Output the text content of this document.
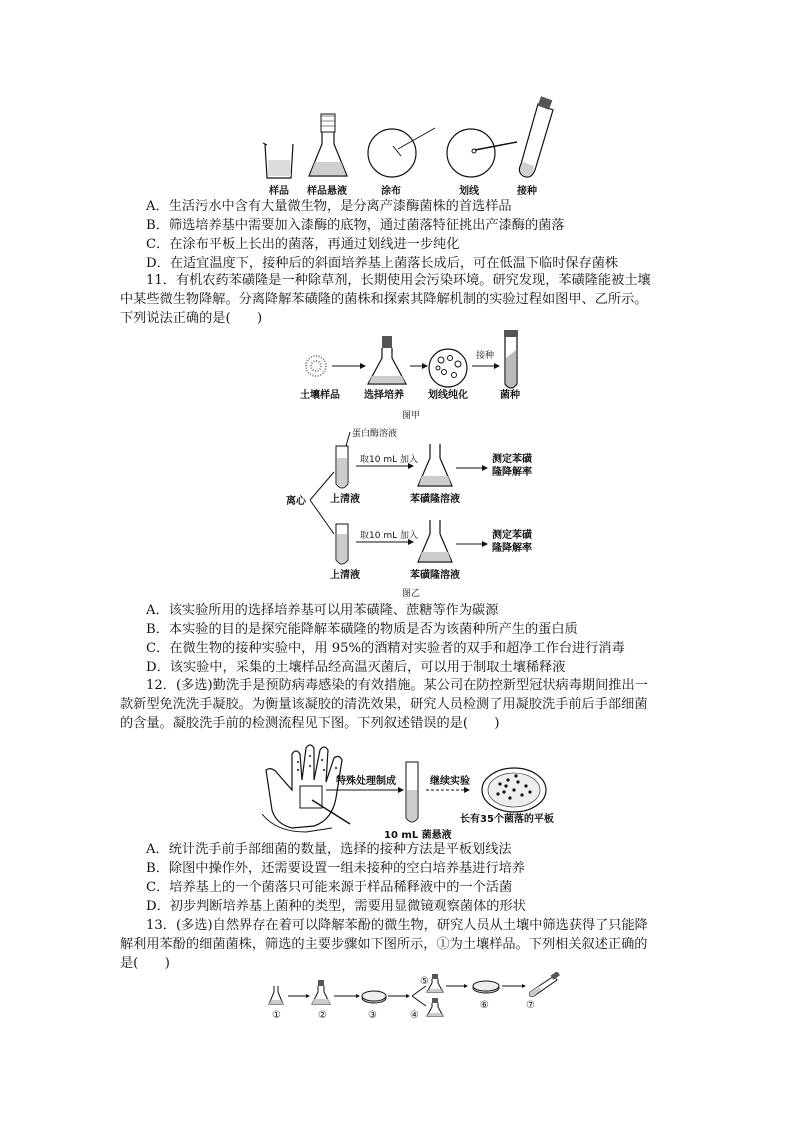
样品 样品悬液	涂布	划线	接种
A．生活污水中含有大量微生物，是分离产漆酶菌株的首选样品
B．筛选培养基中需要加入漆酶的底物，通过菌落特征挑出产漆酶的菌落
C．在涂布平板上长出的菌落，再通过划线进一步纯化
D．在适宜温度下，接种后的斜面培养基上菌落长成后，可在低温下临时保存菌株
11．有机农药苯磺隆是一种除草剂，长期使用会污染环境。研究发现，苯磺隆能被土壤
中某些微生物降解。分离降解苯磺隆的菌株和探索其降解机制的实验过程如图甲、乙所示。
下列说法正确的是(　　)
接种
土壤样品 选择培养 划线纯化	菌种
图甲
离心
蛋白酶溶液
取10 mL 加入	测定苯磺
隆降解率
上清液	苯磺隆溶液
取10 mL 加入	测定苯磺
隆降解率
上清液	苯磺隆溶液
图乙
A．该实验所用的选择培养基可以用苯磺隆、蔗糖等作为碳源
B．本实验的目的是探究能降解苯磺隆的物质是否为该菌种所产生的蛋白质
C．在微生物的接种实验中，用 95%的酒精对实验者的双手和超净工作台进行消毒
D．该实验中，采集的土壤样品经高温灭菌后，可以用于制取土壤稀释液
12．(多选)勤洗手是预防病毒感染的有效措施。某公司在防控新型冠状病毒期间推出一
款新型免洗洗手凝胶。为衡量该凝胶的清洗效果，研究人员检测了用凝胶洗手前后手部细菌
的含量。凝胶洗手前的检测流程见下图。下列叙述错误的是(　　)
特殊处理制成	继续实验
10 mL 菌悬液
长有35个菌落的平板
A．统计洗手前手部细菌的数量，选择的接种方法是平板划线法
B．除图中操作外，还需要设置一组未接种的空白培养基进行培养
C．培养基上的一个菌落只可能来源于样品稀释液中的一个活菌
D．初步判断培养基上菌种的类型，需要用显微镜观察菌体的形状
13．(多选)自然界存在着可以降解苯酚的微生物，研究人员从土壤中筛选获得了只能降
解利用苯酚的细菌菌株，筛选的主要步骤如下图所示，①为土壤样品。下列相关叙述正确的
是(　　)
①	②	③	④
⑤
⑥	⑦
